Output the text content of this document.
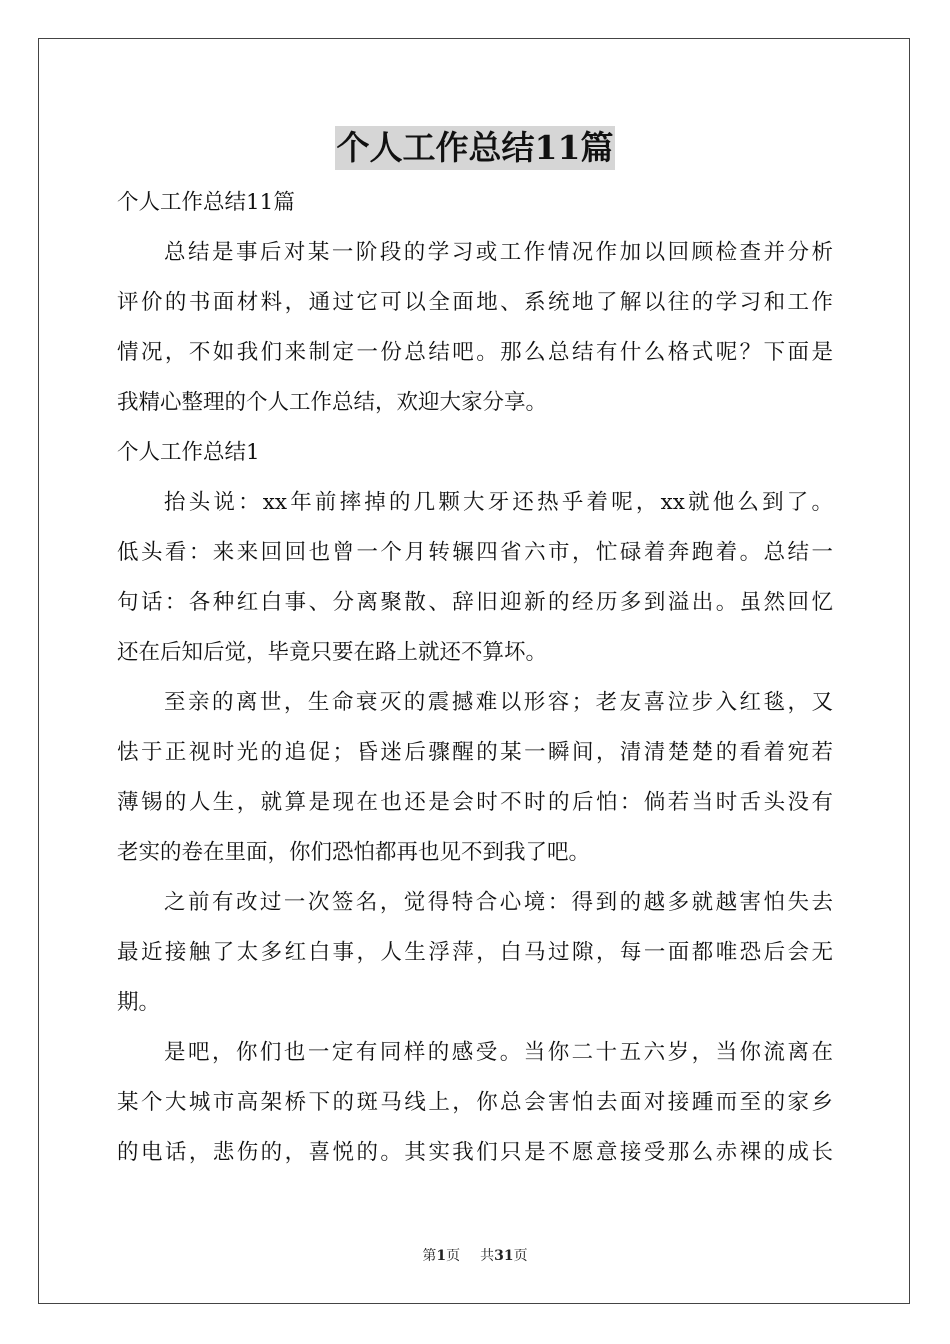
个人工作总结11篇
个人工作总结11篇
总结是事后对某一阶段的学习或工作情况作加以回顾检查并分析
评价的书面材料，通过它可以全面地、系统地了解以往的学习和工作
情况，不如我们来制定一份总结吧。那么总结有什么格式呢？下面是
我精心整理的个人工作总结，欢迎大家分享。
个人工作总结1
抬头说：xx年前摔掉的几颗大牙还热乎着呢，xx就他么到了。
低头看：来来回回也曾一个月转辗四省六市，忙碌着奔跑着。总结一
句话：各种红白事、分离聚散、辞旧迎新的经历多到溢出。虽然回忆
还在后知后觉，毕竟只要在路上就还不算坏。
至亲的离世，生命衰灭的震撼难以形容；老友喜泣步入红毯，又
怯于正视时光的追促；昏迷后骤醒的某一瞬间，清清楚楚的看着宛若
薄锡的人生，就算是现在也还是会时不时的后怕：倘若当时舌头没有
老实的卷在里面，你们恐怕都再也见不到我了吧。
之前有改过一次签名，觉得特合心境：得到的越多就越害怕失去
最近接触了太多红白事，人生浮萍，白马过隙，每一面都唯恐后会无
期。
是吧，你们也一定有同样的感受。当你二十五六岁，当你流离在
某个大城市高架桥下的斑马线上，你总会害怕去面对接踵而至的家乡
的电话，悲伤的，喜悦的。其实我们只是不愿意接受那么赤裸的成长
第1页 共31页
